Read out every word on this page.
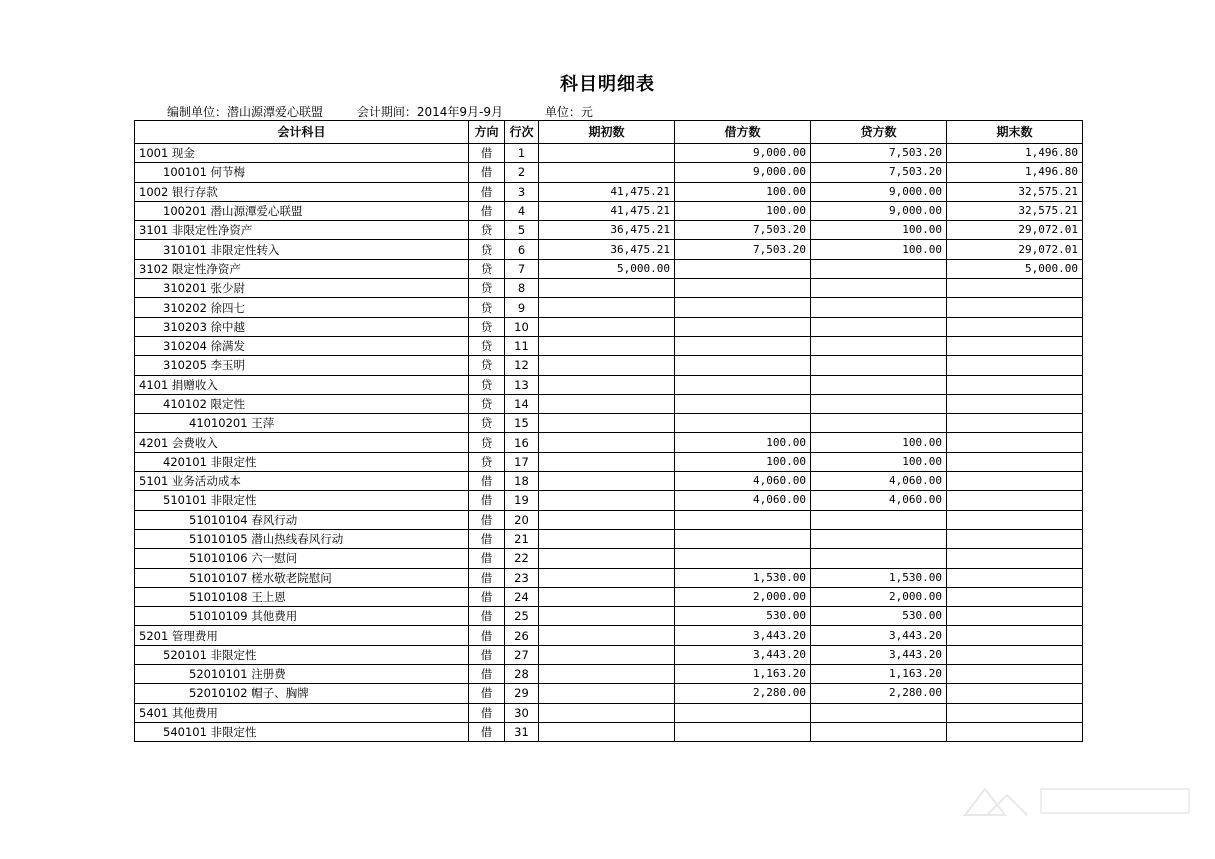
科目明细表
编制单位：潜山源潭爱心联盟	会计期间：2014年9月-9月	单位：元
会计科目	方向	行次	期初数	借方数	贷方数	期末数
1001 现金	借	1		9,000.00	7,503.20	1,496.80
100101 何节梅	借	2		9,000.00	7,503.20	1,496.80
1002 银行存款	借	3	41,475.21	100.00	9,000.00	32,575.21
100201 潜山源潭爱心联盟	借	4	41,475.21	100.00	9,000.00	32,575.21
3101 非限定性净资产	贷	5	36,475.21	7,503.20	100.00	29,072.01
310101 非限定性转入	贷	6	36,475.21	7,503.20	100.00	29,072.01
3102 限定性净资产	贷	7	5,000.00			5,000.00
310201 张少尉	贷	8				
310202 徐四七	贷	9				
310203 徐中越	贷	10				
310204 徐满发	贷	11				
310205 李玉明	贷	12				
4101 捐赠收入	贷	13				
410102 限定性	贷	14				
41010201 王萍	贷	15				
4201 会费收入	贷	16		100.00	100.00	
420101 非限定性	贷	17		100.00	100.00	
5101 业务活动成本	借	18		4,060.00	4,060.00	
510101 非限定性	借	19		4,060.00	4,060.00	
51010104 春风行动	借	20				
51010105 潜山热线春风行动	借	21				
51010106 六一慰问	借	22				
51010107 槎水敬老院慰问	借	23		1,530.00	1,530.00	
51010108 王上恩	借	24		2,000.00	2,000.00	
51010109 其他费用	借	25		530.00	530.00	
5201 管理费用	借	26		3,443.20	3,443.20	
520101 非限定性	借	27		3,443.20	3,443.20	
52010101 注册费	借	28		1,163.20	1,163.20	
52010102 帽子、胸牌	借	29		2,280.00	2,280.00	
5401 其他费用	借	30				
540101 非限定性	借	31				
